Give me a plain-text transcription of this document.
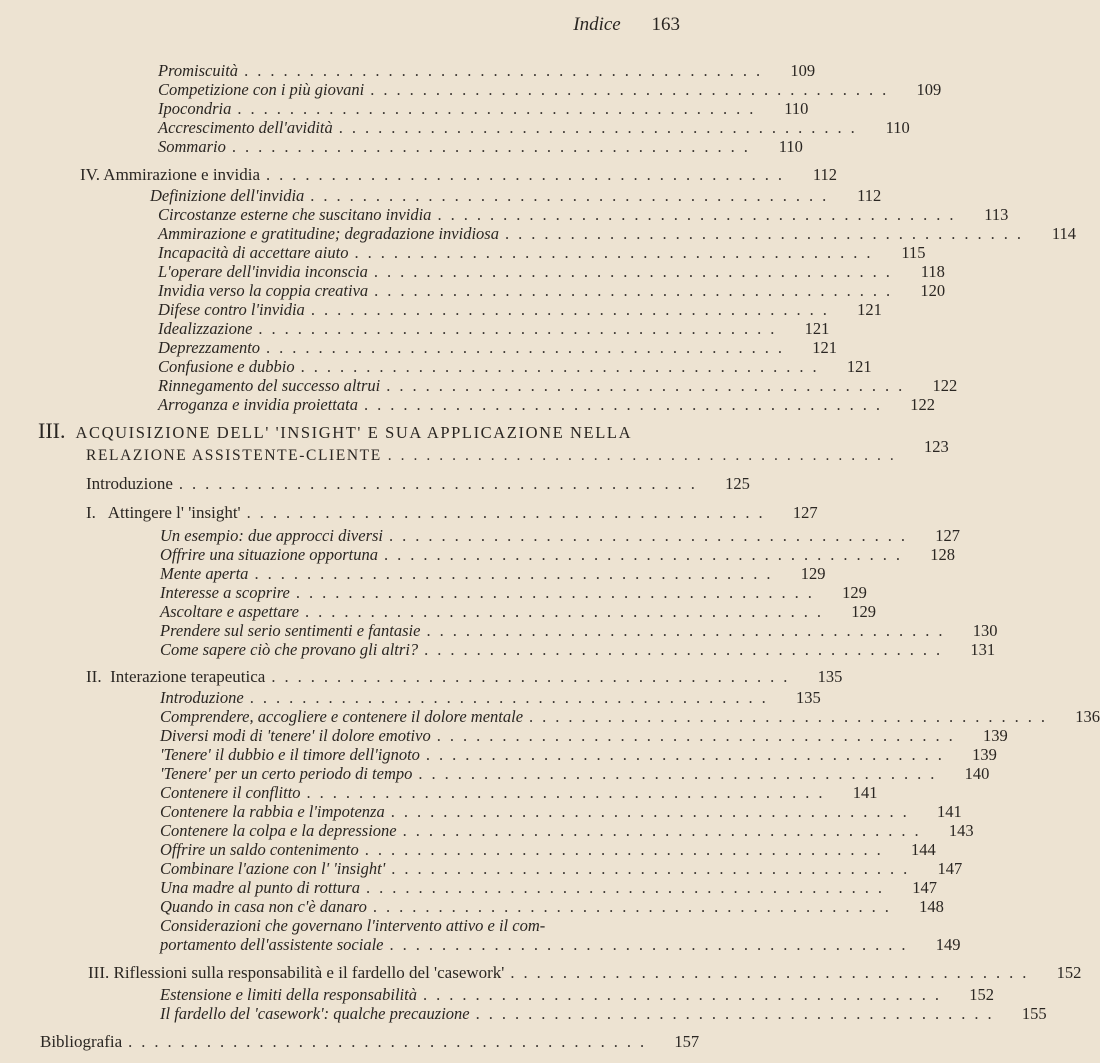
Indice 163
Promiscuità ........................................	109
Competizione con i più giovani ........................................	109
Ipocondria ........................................	110
Accrescimento dell'avidità ........................................	110
Sommario ........................................	110
IV. Ammirazione e invidia ........................................	112
Definizione dell'invidia ........................................	112
Circostanze esterne che suscitano invidia ........................................	113
Ammirazione e gratitudine; degradazione invidiosa ........................................	114
Incapacità di accettare aiuto ........................................	115
L'operare dell'invidia inconscia ........................................	118
Invidia verso la coppia creativa ........................................	120
Difese contro l'invidia ........................................	121
Idealizzazione ........................................	121
Deprezzamento ........................................	121
Confusione e dubbio ........................................	121
Rinnegamento del successo altrui ........................................	122
Arroganza e invidia proiettata ........................................	122
III. ACQUISIZIONE DELL' 'INSIGHT' E SUA APPLICAZIONE NELLA
RELAZIONE ASSISTENTE-CLIENTE ........................................	123
Introduzione ........................................	125
I.   Attingere l' 'insight' ........................................	127
Un esempio: due approcci diversi ........................................	127
Offrire una situazione opportuna ........................................	128
Mente aperta ........................................	129
Interesse a scoprire ........................................	129
Ascoltare e aspettare ........................................	129
Prendere sul serio sentimenti e fantasie ........................................	130
Come sapere ciò che provano gli altri? ........................................	131
II.  Interazione terapeutica ........................................	135
Introduzione ........................................	135
Comprendere, accogliere e contenere il dolore mentale ........................................	136
Diversi modi di 'tenere' il dolore emotivo ........................................	139
'Tenere' il dubbio e il timore dell'ignoto ........................................	139
'Tenere' per un certo periodo di tempo ........................................	140
Contenere il conflitto ........................................	141
Contenere la rabbia e l'impotenza ........................................	141
Contenere la colpa e la depressione ........................................	143
Offrire un saldo contenimento ........................................	144
Combinare l'azione con l' 'insight' ........................................	147
Una madre al punto di rottura ........................................	147
Quando in casa non c'è danaro ........................................	148
Considerazioni che governano l'intervento attivo e il com-
portamento dell'assistente sociale ........................................	149
III. Riflessioni sulla responsabilità e il fardello del 'casework' ........................................	152
Estensione e limiti della responsabilità ........................................	152
Il fardello del 'casework': qualche precauzione ........................................	155
Bibliografia ........................................	157
